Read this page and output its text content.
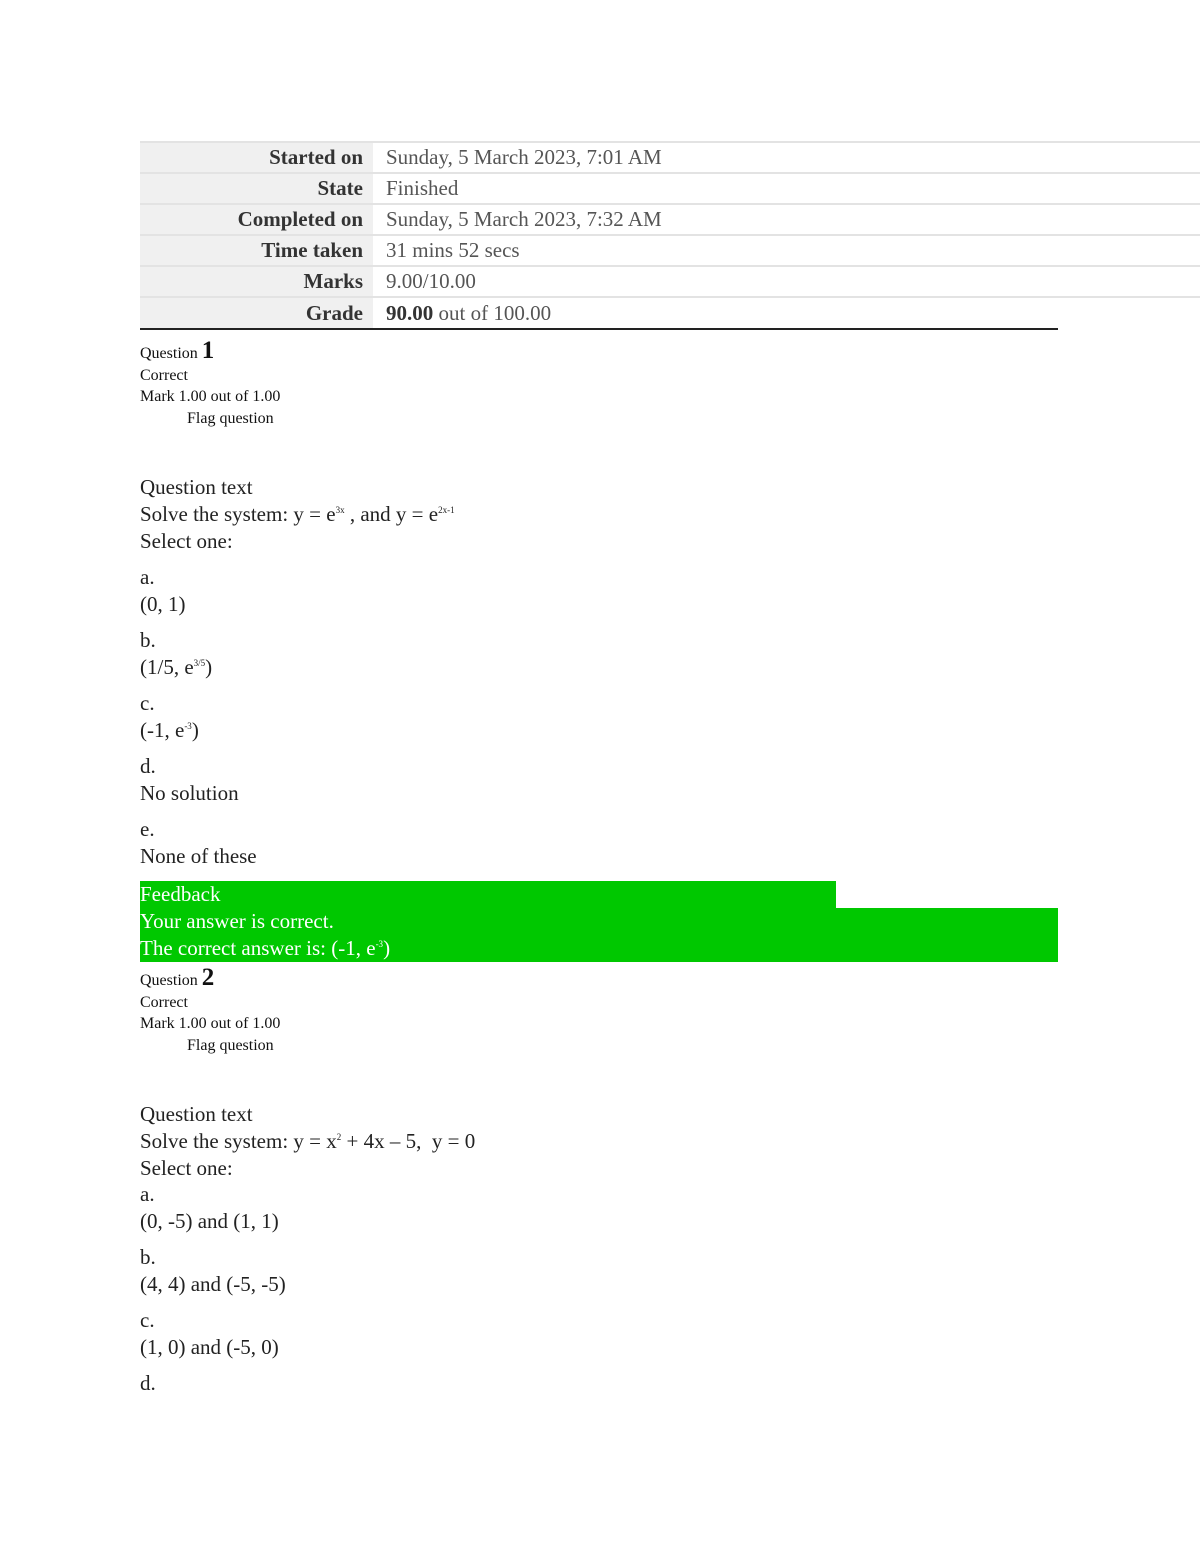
Started on	Sunday, 5 March 2023, 7:01 AM
State	Finished
Completed on	Sunday, 5 March 2023, 7:32 AM
Time taken	31 mins 52 secs
Marks	9.00/10.00
Grade	90.00 out of 100.00
Question 1
Correct
Mark 1.00 out of 1.00
Flag question
Question text
Solve the system: $y = e^{3x}$ , and $y = e^{2x-1}$
Select one:
a.
(0, 1)
b.
(1/5, $e^{3/5}$)
c.
(-1, $e^{-3}$)
d.
No solution
e.
None of these
Feedback
Your answer is correct.
The correct answer is: (-1, $e^{-3}$)
Question 2
Correct
Mark 1.00 out of 1.00
Flag question
Question text
Solve the system: $y = x^2 + 4x - 5$,  y = 0
Select one:
a.
(0, -5) and (1, 1)
b.
(4, 4) and (-5, -5)
c.
(1, 0) and (-5, 0)
d.
